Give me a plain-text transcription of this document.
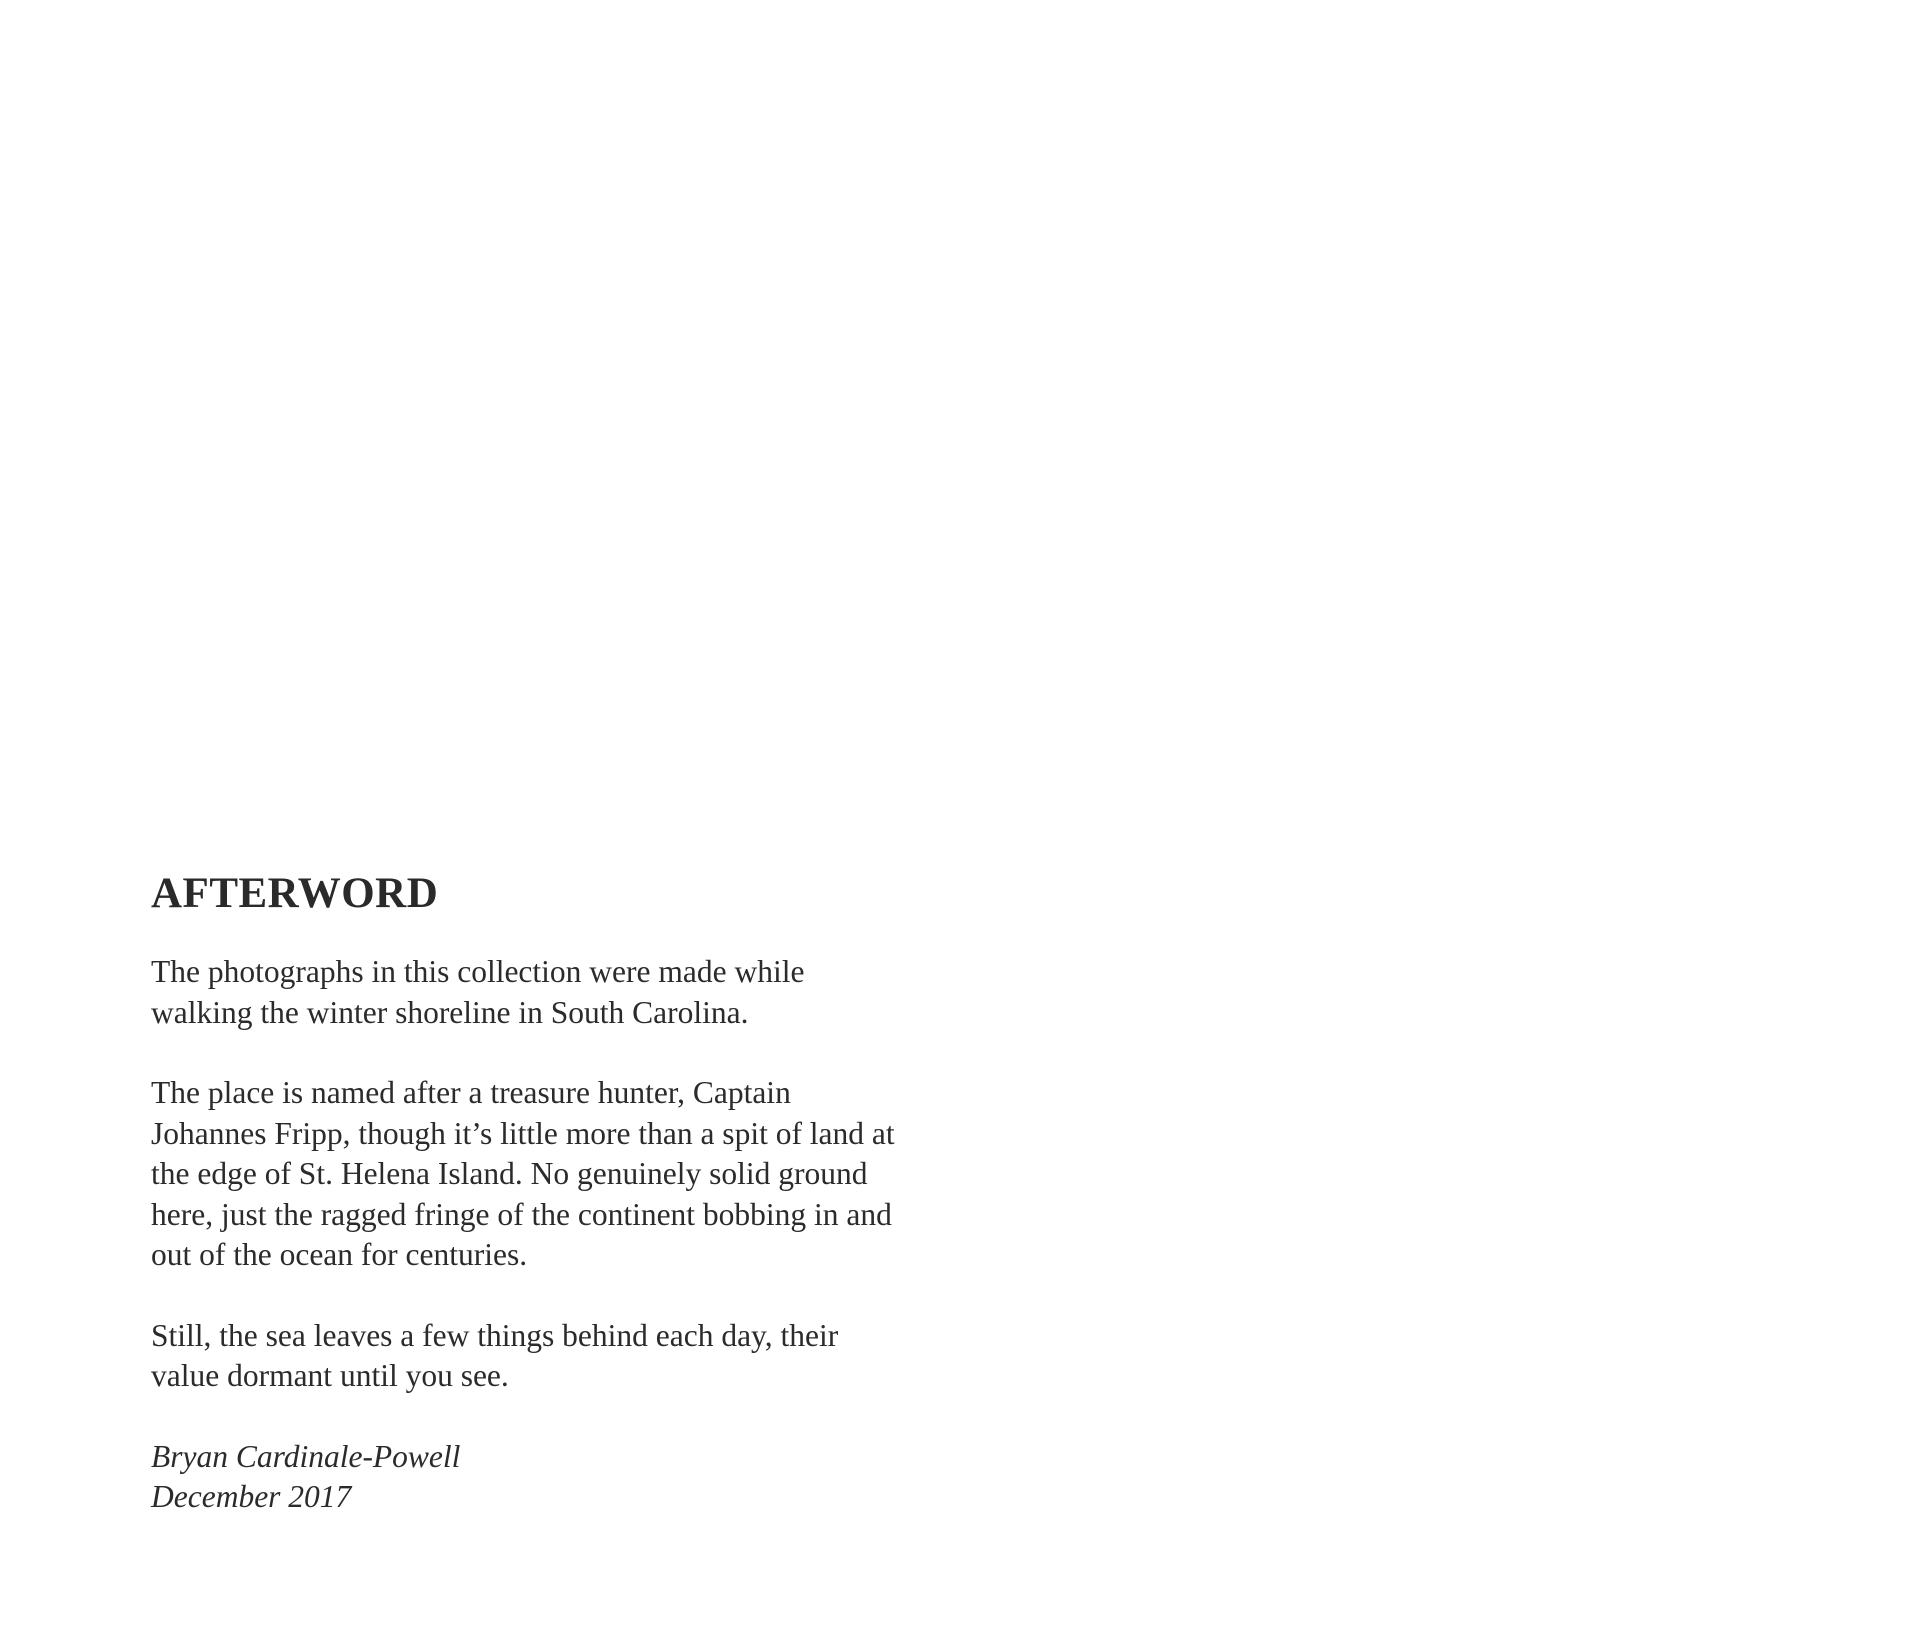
AFTERWORD

The photographs in this collection were made while
walking the winter shoreline in South Carolina.

The place is named after a treasure hunter, Captain
Johannes Fripp, though it’s little more than a spit of land at
the edge of St. Helena Island. No genuinely solid ground
here, just the ragged fringe of the continent bobbing in and
out of the ocean for centuries.

Still, the sea leaves a few things behind each day, their
value dormant until you see.

Bryan Cardinale-Powell
December 2017
